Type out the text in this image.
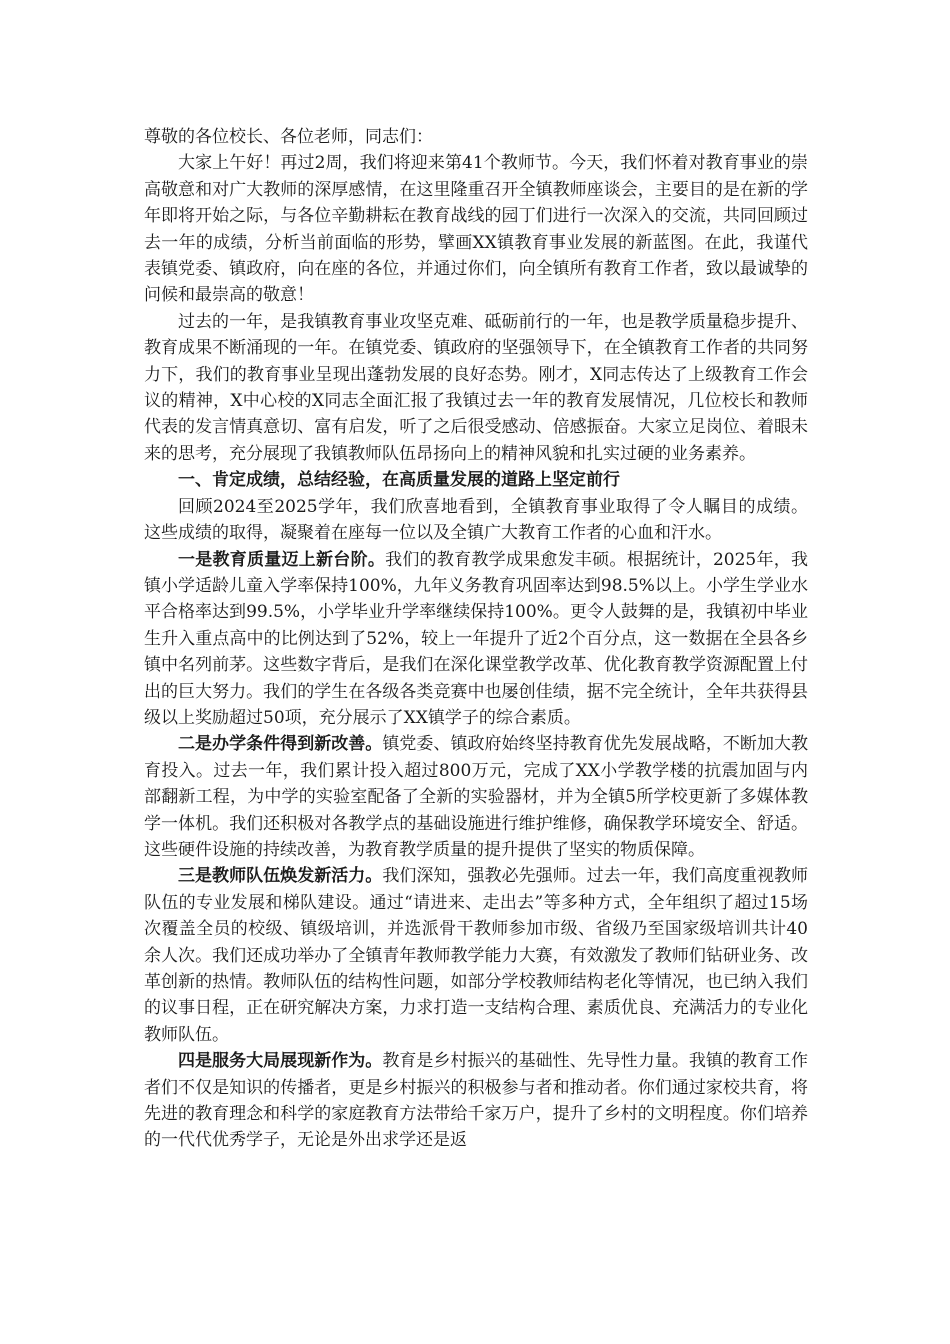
尊敬的各位校长、各位老师，同志们：

大家上午好！再过2周，我们将迎来第41个教师节。今天，我们怀着对教育事业的崇高敬意和对广大教师的深厚感情，在这里隆重召开全镇教师座谈会，主要目的是在新的学年即将开始之际，与各位辛勤耕耘在教育战线的园丁们进行一次深入的交流，共同回顾过去一年的成绩，分析当前面临的形势，擘画XX镇教育事业发展的新蓝图。在此，我谨代表镇党委、镇政府，向在座的各位，并通过你们，向全镇所有教育工作者，致以最诚挚的问候和最崇高的敬意！

过去的一年，是我镇教育事业攻坚克难、砥砺前行的一年，也是教学质量稳步提升、教育成果不断涌现的一年。在镇党委、镇政府的坚强领导下，在全镇教育工作者的共同努力下，我们的教育事业呈现出蓬勃发展的良好态势。刚才，X同志传达了上级教育工作会议的精神，X中心校的X同志全面汇报了我镇过去一年的教育发展情况，几位校长和教师代表的发言情真意切、富有启发，听了之后很受感动、倍感振奋。大家立足岗位、着眼未来的思考，充分展现了我镇教师队伍昂扬向上的精神风貌和扎实过硬的业务素养。

一、肯定成绩，总结经验，在高质量发展的道路上坚定前行

回顾2024至2025学年，我们欣喜地看到，全镇教育事业取得了令人瞩目的成绩。这些成绩的取得，凝聚着在座每一位以及全镇广大教育工作者的心血和汗水。

一是教育质量迈上新台阶。我们的教育教学成果愈发丰硕。根据统计，2025年，我镇小学适龄儿童入学率保持100%，九年义务教育巩固率达到98.5%以上。小学生学业水平合格率达到99.5%，小学毕业升学率继续保持100%。更令人鼓舞的是，我镇初中毕业生升入重点高中的比例达到了52%，较上一年提升了近2个百分点，这一数据在全县各乡镇中名列前茅。这些数字背后，是我们在深化课堂教学改革、优化教育教学资源配置上付出的巨大努力。我们的学生在各级各类竞赛中也屡创佳绩，据不完全统计，全年共获得县级以上奖励超过50项，充分展示了XX镇学子的综合素质。

二是办学条件得到新改善。镇党委、镇政府始终坚持教育优先发展战略，不断加大教育投入。过去一年，我们累计投入超过800万元，完成了XX小学教学楼的抗震加固与内部翻新工程，为中学的实验室配备了全新的实验器材，并为全镇5所学校更新了多媒体教学一体机。我们还积极对各教学点的基础设施进行维护维修，确保教学环境安全、舒适。这些硬件设施的持续改善，为教育教学质量的提升提供了坚实的物质保障。

三是教师队伍焕发新活力。我们深知，强教必先强师。过去一年，我们高度重视教师队伍的专业发展和梯队建设。通过“请进来、走出去”等多种方式，全年组织了超过15场次覆盖全员的校级、镇级培训，并选派骨干教师参加市级、省级乃至国家级培训共计40余人次。我们还成功举办了全镇青年教师教学能力大赛，有效激发了教师们钻研业务、改革创新的热情。教师队伍的结构性问题，如部分学校教师结构老化等情况，也已纳入我们的议事日程，正在研究解决方案，力求打造一支结构合理、素质优良、充满活力的专业化教师队伍。

四是服务大局展现新作为。教育是乡村振兴的基础性、先导性力量。我镇的教育工作者们不仅是知识的传播者，更是乡村振兴的积极参与者和推动者。你们通过家校共育，将先进的教育理念和科学的家庭教育方法带给千家万户，提升了乡村的文明程度。你们培养的一代代优秀学子，无论是外出求学还是返
